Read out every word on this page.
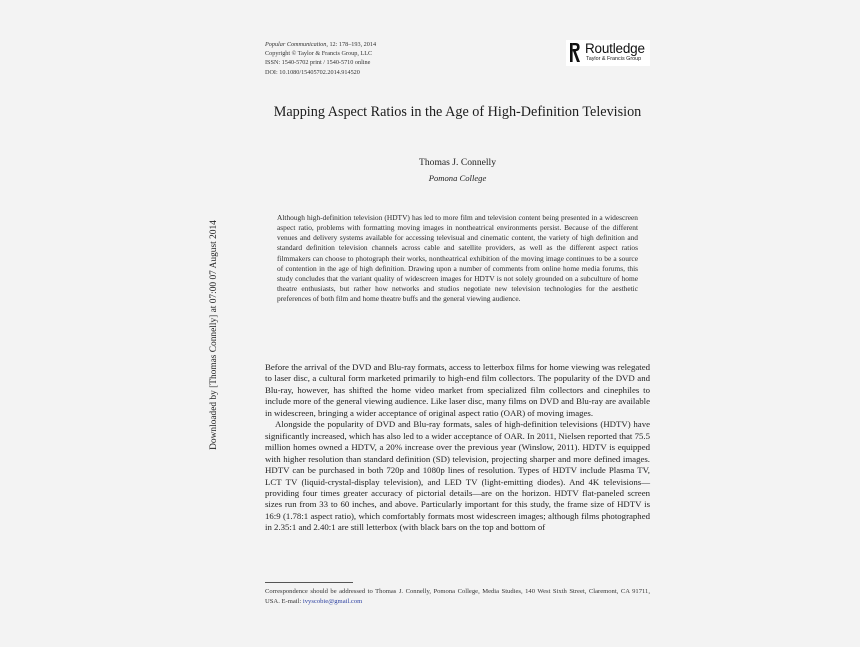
Popular Communication, 12: 178–193, 2014
Copyright © Taylor & Francis Group, LLC
ISSN: 1540-5702 print / 1540-5710 online
DOI: 10.1080/15405702.2014.914520
Routledge
Taylor & Francis Group
Mapping Aspect Ratios in the Age of High-Definition Television
Thomas J. Connelly
Pomona College
Downloaded by [Thomas Connelly] at 07:00 07 August 2014
Although high-definition television (HDTV) has led to more film and television content being presented in a widescreen aspect ratio, problems with formatting moving images in nontheatrical environments persist. Because of the different venues and delivery systems available for accessing televisual and cinematic content, the variety of high definition and standard definition television channels across cable and satellite providers, as well as the different aspect ratios filmmakers can choose to photograph their works, nontheatrical exhibition of the moving image continues to be a source of contention in the age of high definition. Drawing upon a number of comments from online home media forums, this study concludes that the variant quality of widescreen images for HDTV is not solely grounded on a subculture of home theatre enthusiasts, but rather how networks and studios negotiate new television technologies for the aesthetic preferences of both film and home theatre buffs and the general viewing audience.

Before the arrival of the DVD and Blu-ray formats, access to letterbox films for home viewing was relegated to laser disc, a cultural form marketed primarily to high-end film collectors. The popularity of the DVD and Blu-ray, however, has shifted the home video market from specialized film collectors and cinephiles to include more of the general viewing audience. Like laser disc, many films on DVD and Blu-ray are available in widescreen, bringing a wider acceptance of original aspect ratio (OAR) of moving images.

Alongside the popularity of DVD and Blu-ray formats, sales of high-definition televisions (HDTV) have significantly increased, which has also led to a wider acceptance of OAR. In 2011, Nielsen reported that 75.5 million homes owned a HDTV, a 20% increase over the previous year (Winslow, 2011). HDTV is equipped with higher resolution than standard definition (SD) television, projecting sharper and more defined images. HDTV can be purchased in both 720p and 1080p lines of resolution. Types of HDTV include Plasma TV, LCT TV (liquid-crystal-display television), and LED TV (light-emitting diodes). And 4K televisions—providing four times greater accuracy of pictorial details—are on the horizon. HDTV flat-paneled screen sizes run from 33 to 60 inches, and above. Particularly important for this study, the frame size of HDTV is 16:9 (1.78:1 aspect ratio), which comfortably formats most widescreen images; although films photographed in 2.35:1 and 2.40:1 are still letterbox (with black bars on the top and bottom of

Correspondence should be addressed to Thomas J. Connelly, Pomona College, Media Studies, 140 West Sixth Street, Claremont, CA 91711, USA. E-mail: ivyscobie@gmail.com
